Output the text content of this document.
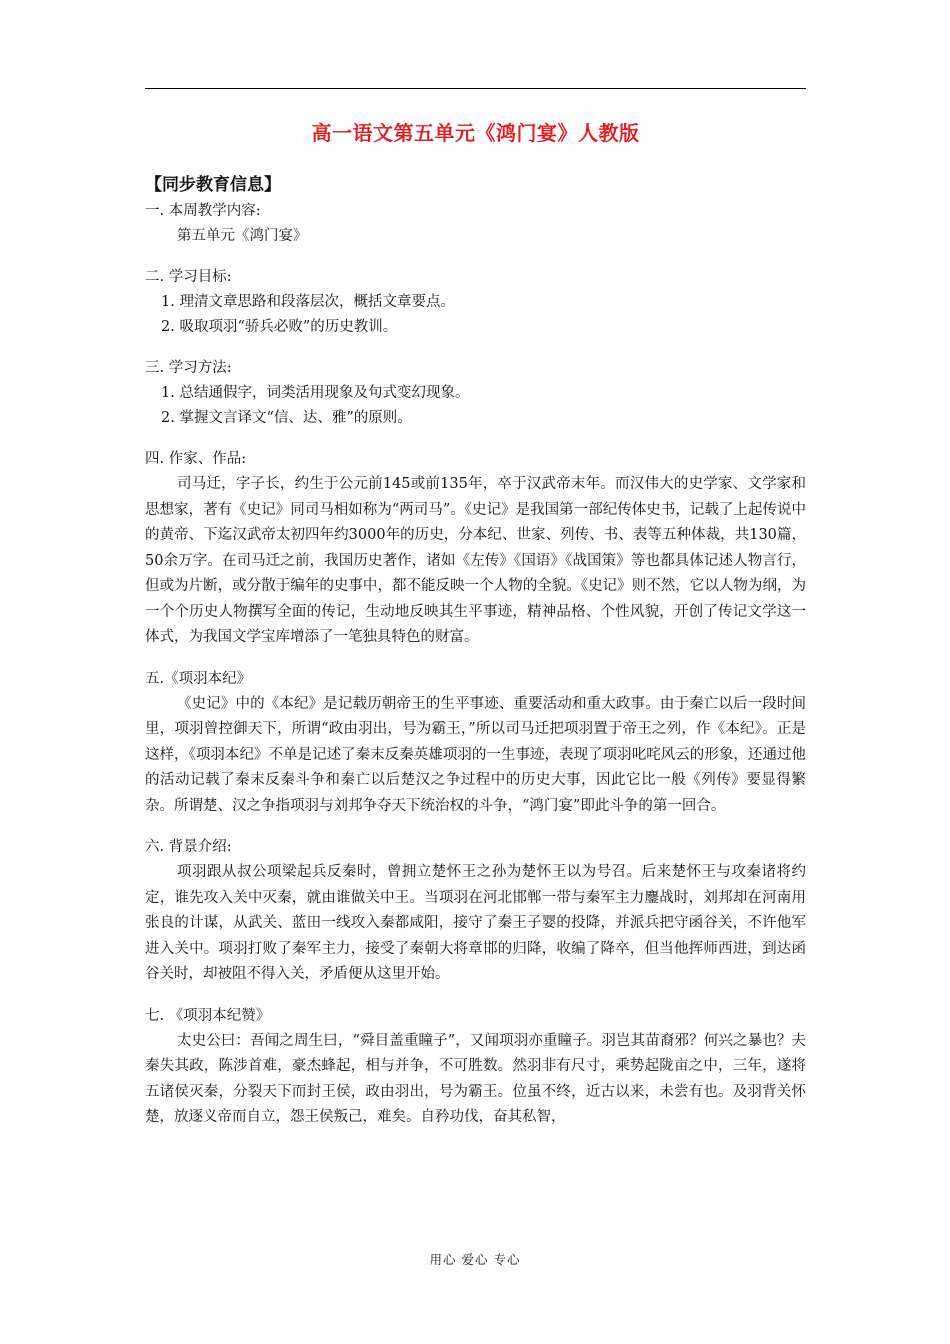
高一语文第五单元《鸿门宴》人教版
【同步教育信息】
一. 本周教学内容:
第五单元《鸿门宴》
二. 学习目标:
1. 理清文章思路和段落层次，概括文章要点。
2. 吸取项羽“骄兵必败”的历史教训。
三. 学习方法:
1. 总结通假字，词类活用现象及句式变幻现象。
2. 掌握文言译文“信、达、雅”的原则。
四. 作家、作品:

司马迁，字子长，约生于公元前145或前135年，卒于汉武帝末年。而汉伟大的史学家、文学家和思想家，著有《史记》同司马相如称为“两司马”。《史记》是我国第一部纪传体史书，记载了上起传说中的黄帝、下迄汉武帝太初四年约3000年的历史，分本纪、世家、列传、书、表等五种体裁，共130篇，50余万字。在司马迁之前，我国历史著作，诸如《左传》《国语》《战国策》等也都具体记述人物言行，但或为片断，或分散于编年的史事中，都不能反映一个人物的全貌。《史记》则不然，它以人物为纲，为一个个历史人物撰写全面的传记，生动地反映其生平事迹，精神品格、个性风貌，开创了传记文学这一体式，为我国文学宝库增添了一笔独具特色的财富。

五.《项羽本纪》

《史记》中的《本纪》是记载历朝帝王的生平事迹、重要活动和重大政事。由于秦亡以后一段时间里，项羽曾控御天下，所谓“政由羽出，号为霸王，”所以司马迁把项羽置于帝王之列，作《本纪》。正是这样，《项羽本纪》不单是记述了秦末反秦英雄项羽的一生事迹，表现了项羽叱咤风云的形象，还通过他的活动记载了秦末反秦斗争和秦亡以后楚汉之争过程中的历史大事，因此它比一般《列传》要显得繁杂。所谓楚、汉之争指项羽与刘邦争夺天下统治权的斗争，“鸿门宴”即此斗争的第一回合。

六. 背景介绍:

项羽跟从叔公项梁起兵反秦时，曾拥立楚怀王之孙为楚怀王以为号召。后来楚怀王与攻秦诸将约定，谁先攻入关中灭秦，就由谁做关中王。当项羽在河北邯郸一带与秦军主力鏖战时，刘邦却在河南用张良的计谋，从武关、蓝田一线攻入秦都咸阳，接守了秦王子婴的投降，并派兵把守函谷关，不许他军进入关中。项羽打败了秦军主力，接受了秦朝大将章邯的归降，收编了降卒，但当他挥师西进，到达函谷关时，却被阻不得入关，矛盾便从这里开始。

七. 《项羽本纪赞》

太史公曰：吾闻之周生曰，“舜目盖重瞳子”，又闻项羽亦重瞳子。羽岂其苗裔邪？何兴之暴也？夫秦失其政，陈涉首难，豪杰蜂起，相与并争，不可胜数。然羽非有尺寸，乘势起陇亩之中，三年，遂将五诸侯灭秦，分裂天下而封王侯，政由羽出，号为霸王。位虽不终，近古以来，未尝有也。及羽背关怀楚，放逐义帝而自立，怨王侯叛己，难矣。自矜功伐，奋其私智，

用心 爱心 专心
